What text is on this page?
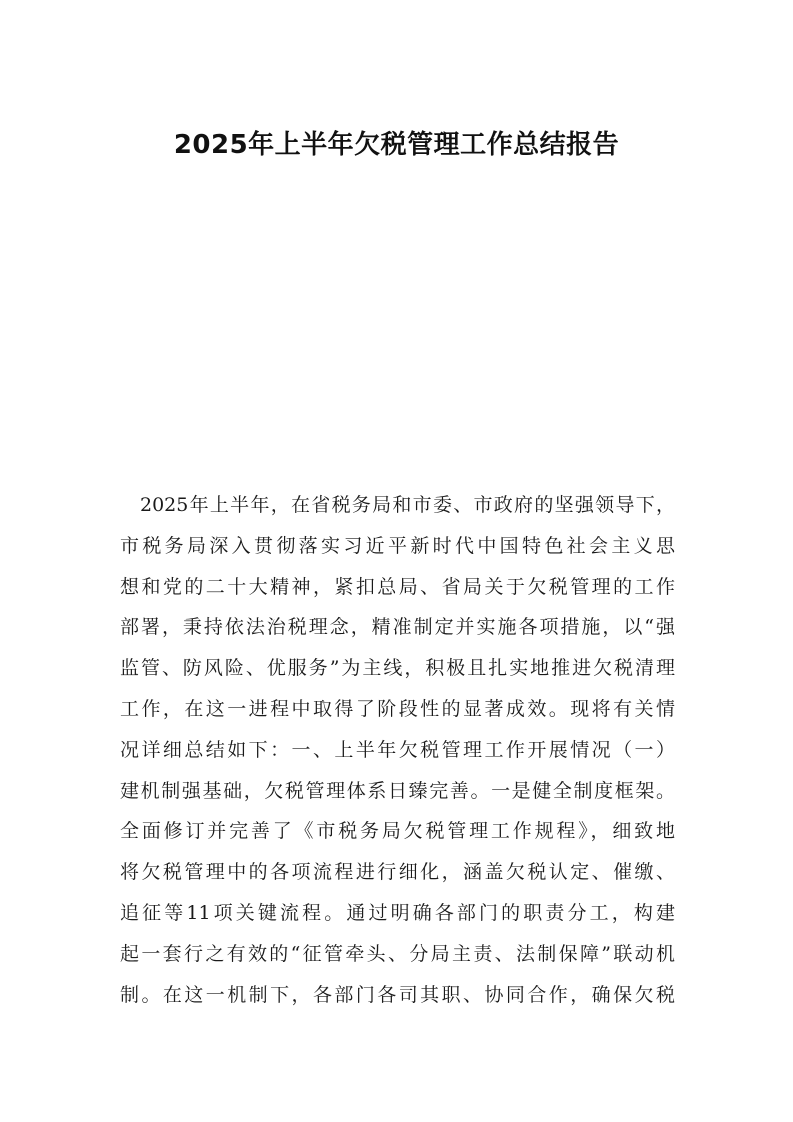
2025年上半年欠税管理工作总结报告
2025年上半年，在省税务局和市委、市政府的坚强领导下，
市税务局深入贯彻落实习近平新时代中国特色社会主义思
想和党的二十大精神，紧扣总局、省局关于欠税管理的工作
部署，秉持依法治税理念，精准制定并实施各项措施，以“强
监管、防风险、优服务”为主线，积极且扎实地推进欠税清理
工作，在这一进程中取得了阶段性的显著成效。现将有关情
况详细总结如下：一、上半年欠税管理工作开展情况（一）
建机制强基础，欠税管理体系日臻完善。一是健全制度框架。
全面修订并完善了《市税务局欠税管理工作规程》，细致地
将欠税管理中的各项流程进行细化，涵盖欠税认定、催缴、
追征等11项关键流程。通过明确各部门的职责分工，构建
起一套行之有效的“征管牵头、分局主责、法制保障”联动机
制。在这一机制下，各部门各司其职、协同合作，确保欠税
